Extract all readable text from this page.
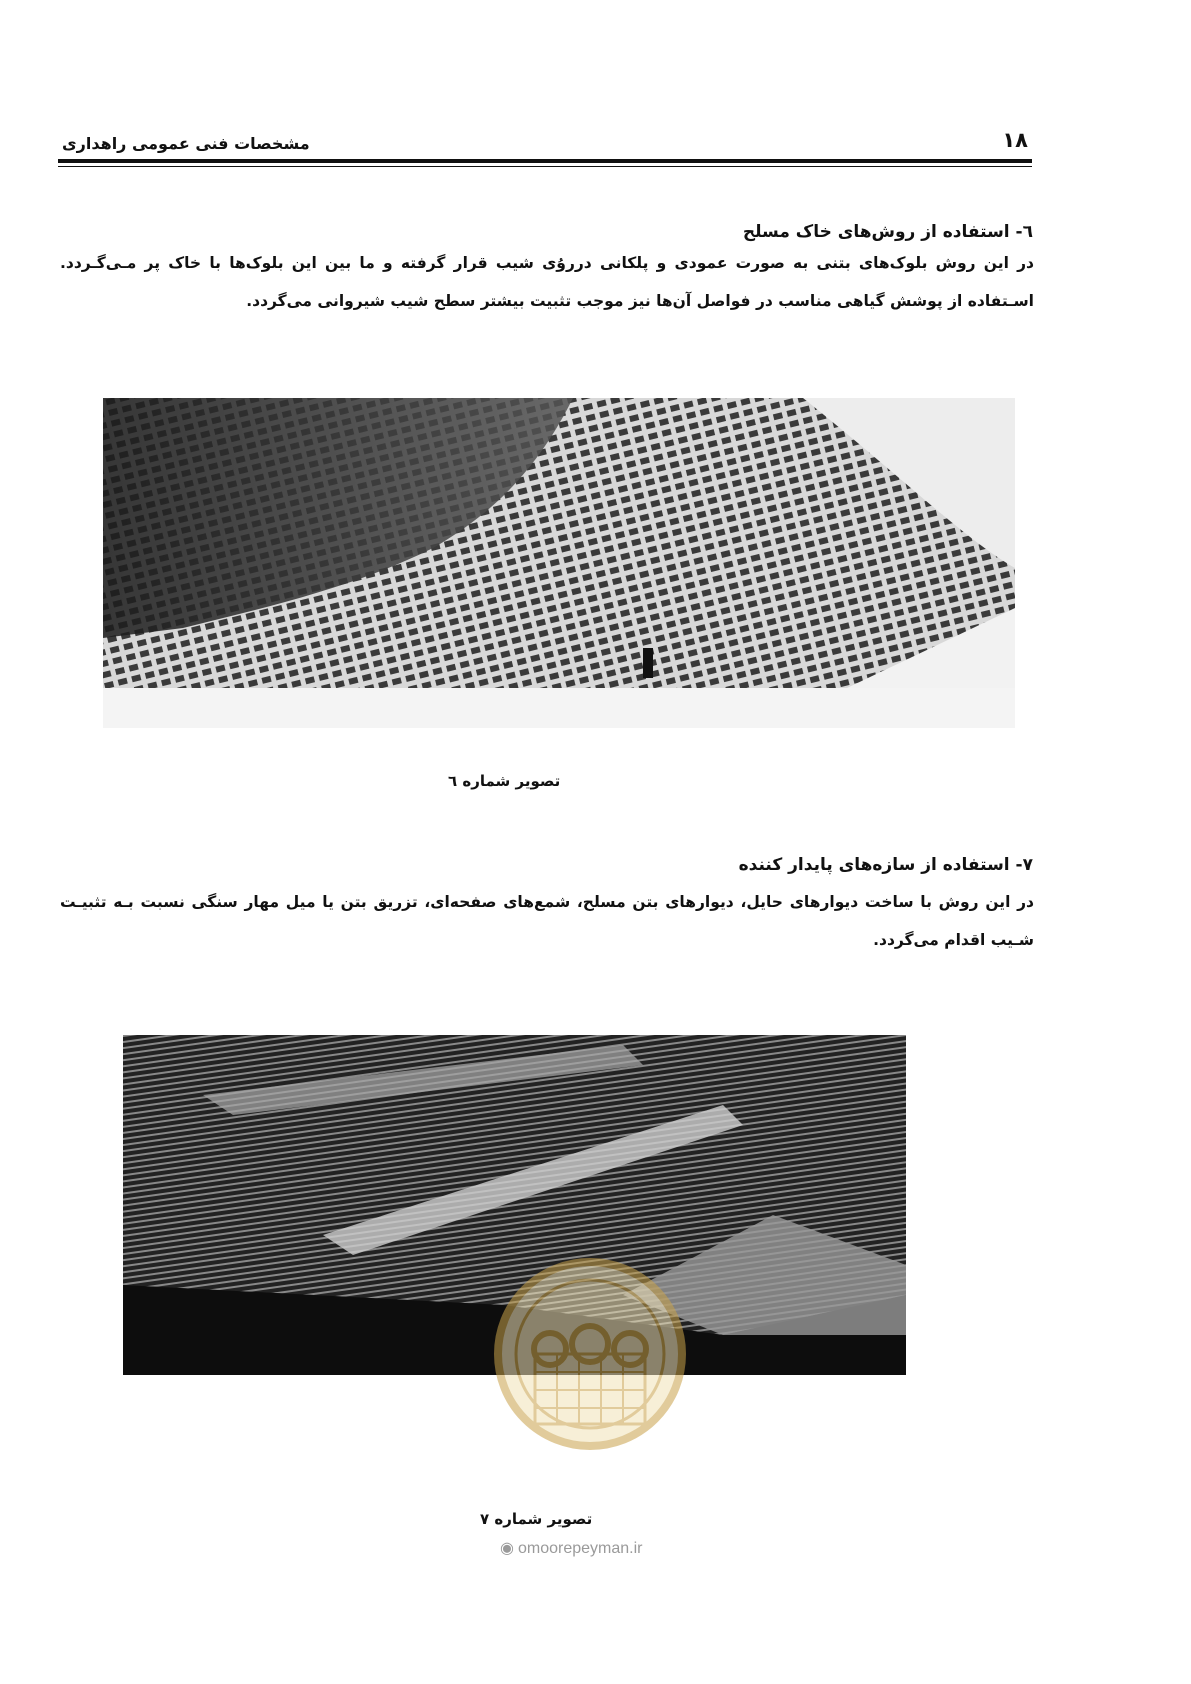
۱۸
مشخصات فنی عمومی راهداری
٦- استفاده از روش‌های خاک مسلح
در این روش بلوک‌های بتنی به صورت عمودی و پلکانی دررۇی شیب قرار گرفته و ما بین این بلوک‌ها با خاک پر مـی‌گـردد. اسـتفاده از پوشش گیاهی مناسب در فواصل آن‌ها نیز موجب تثبیت بیشتر سطح شیب شیروانی می‌گردد.
تصویر شماره ٦
۷- استفاده از سازه‌های پایدار کننده
در این روش با ساخت دیوارهای حایل، دیوارهای بتن مسلح، شمع‌های صفحه‌ای، تزریق بتن یا میل مهار سنگی نسبت بـه تثبیـت شـیب اقدام می‌گردد.
تصویر شماره ۷
◉ omoorepeyman.ir
